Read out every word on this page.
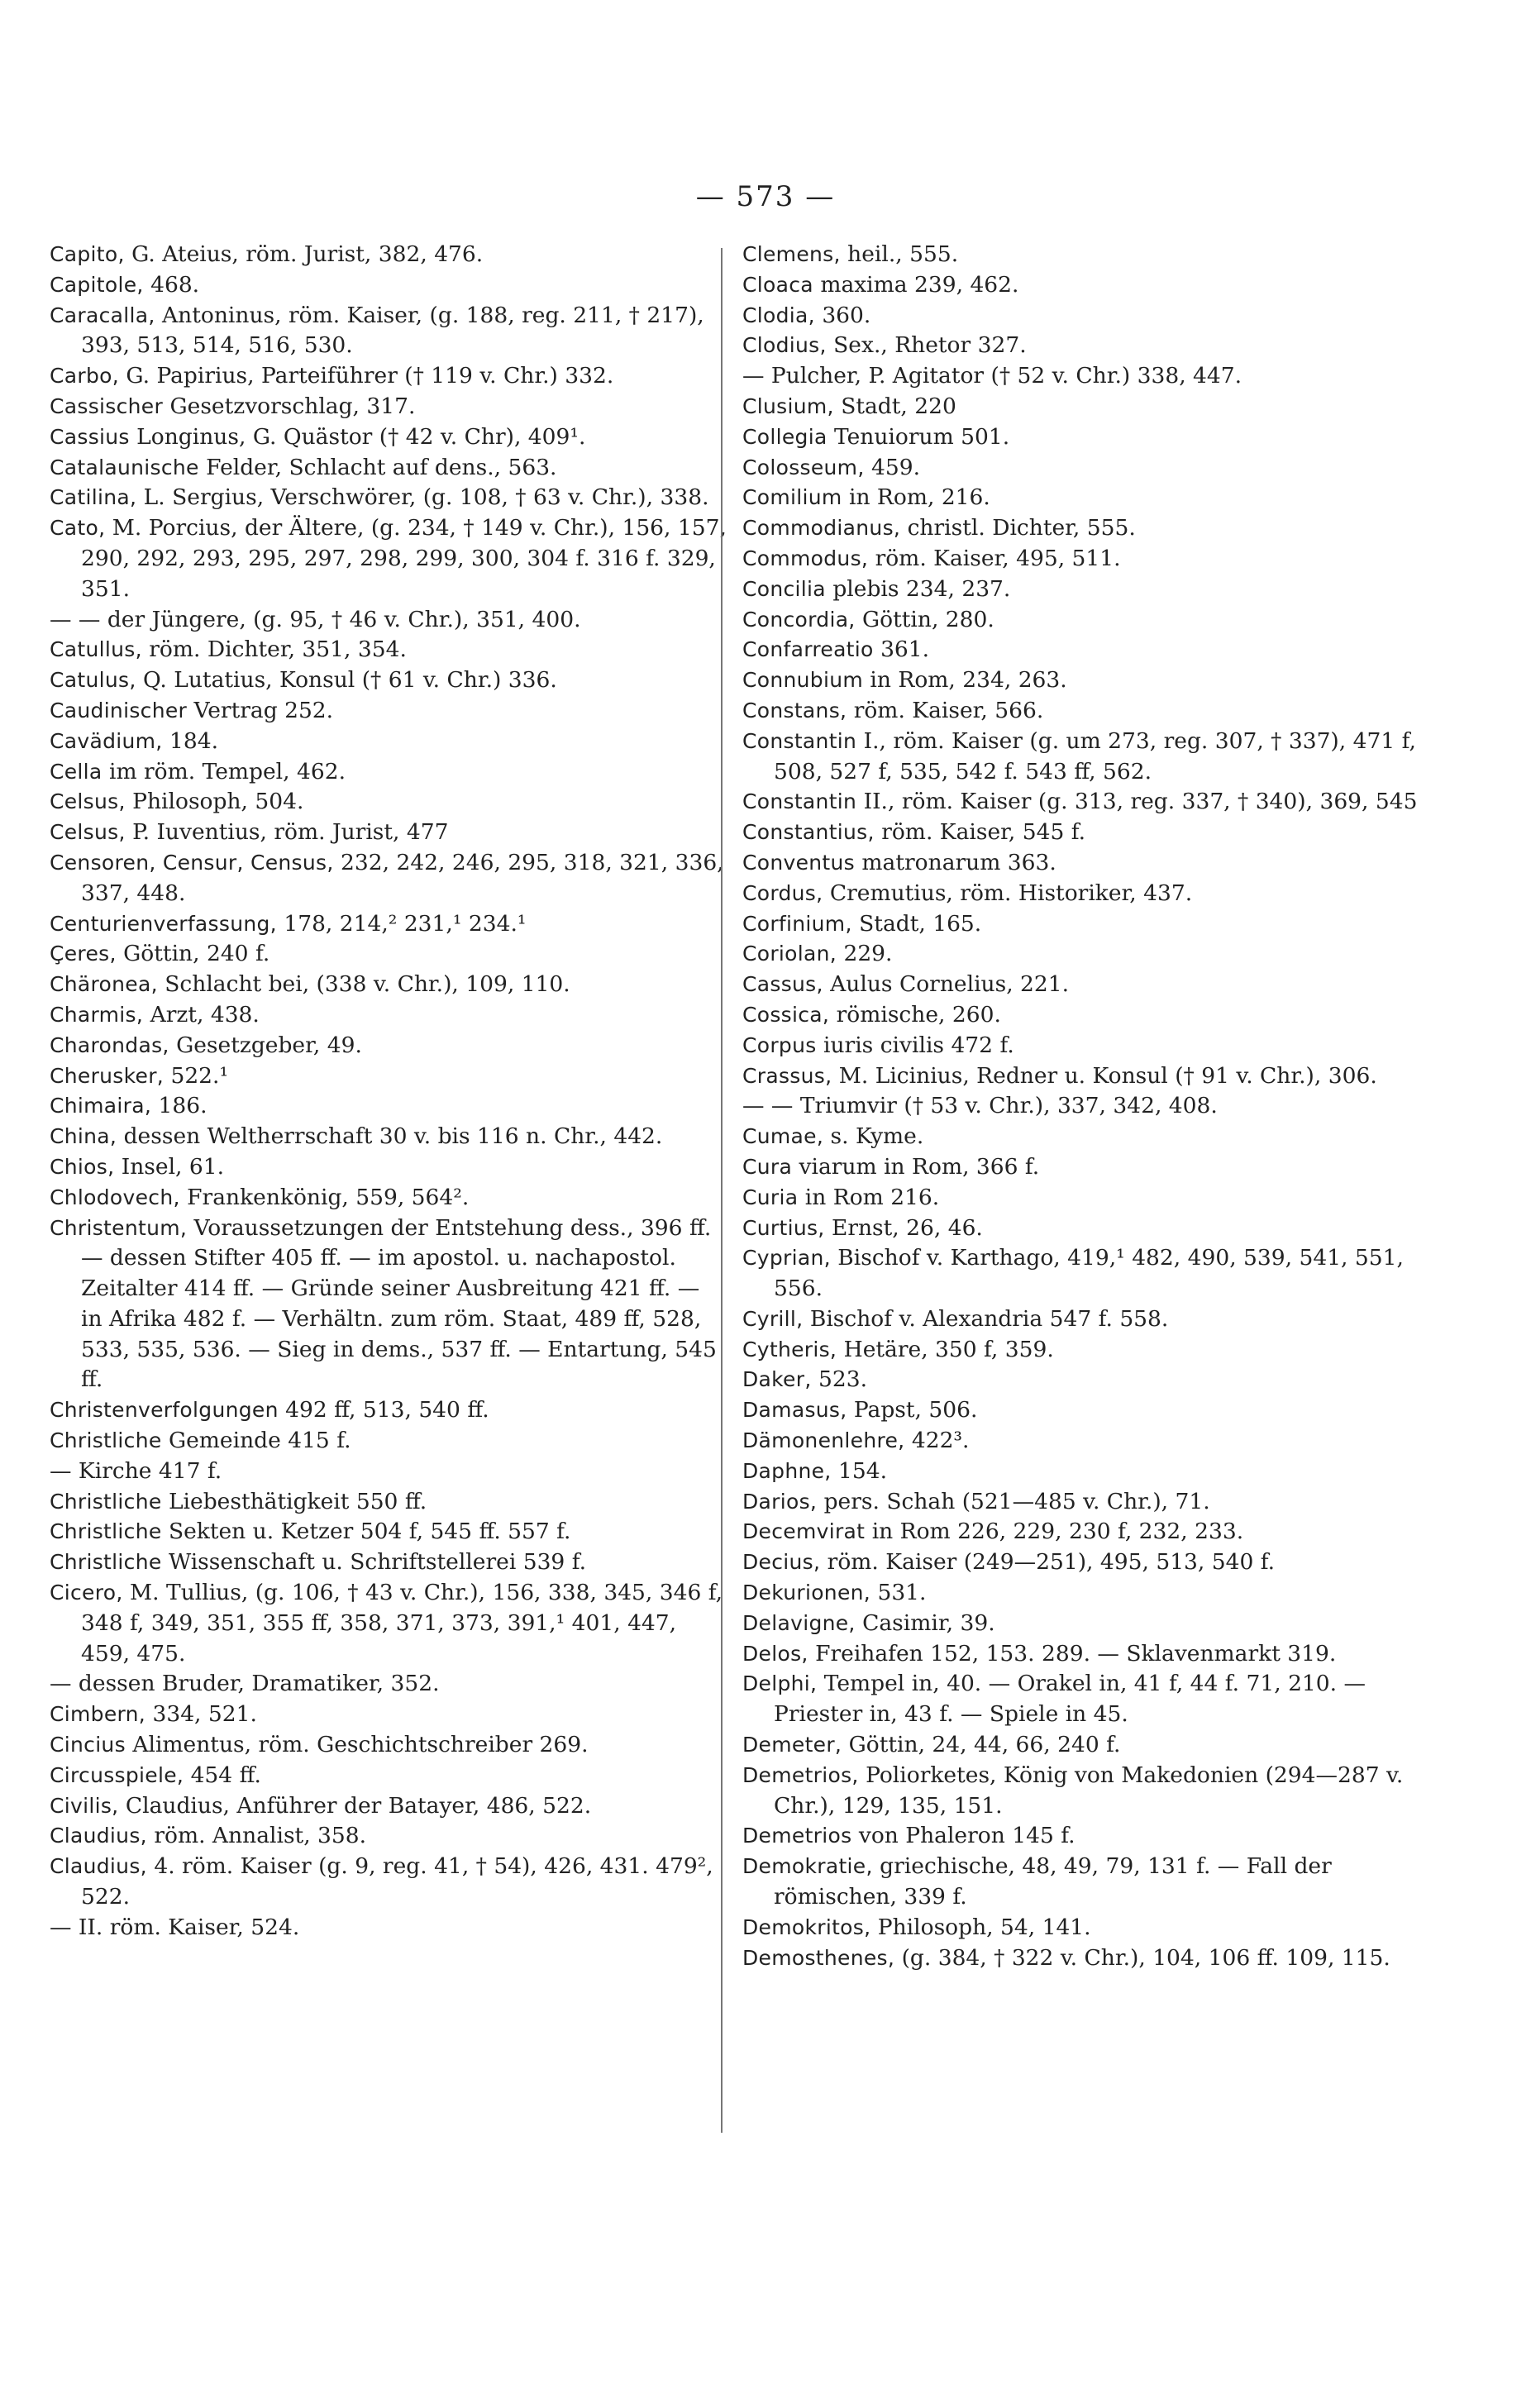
— 573 —
Capito, G. Ateius, röm. Jurist, 382, 476.
Capitole, 468.
Caracalla, Antoninus, röm. Kaiser, (g. 188, reg. 211, † 217), 393, 513, 514, 516, 530.
Carbo, G. Papirius, Parteiführer († 119 v. Chr.) 332.
Cassischer Gesetzvorschlag, 317.
Cassius Longinus, G. Quästor († 42 v. Chr), 409¹.
Catalaunische Felder, Schlacht auf dens., 563.
Catilina, L. Sergius, Verschwörer, (g. 108, † 63 v. Chr.), 338.
Cato, M. Porcius, der Ältere, (g. 234, † 149 v. Chr.), 156, 157, 290, 292, 293, 295, 297, 298, 299, 300, 304 f. 316 f. 329, 351.
— — der Jüngere, (g. 95, † 46 v. Chr.), 351, 400.
Catullus, röm. Dichter, 351, 354.
Catulus, Q. Lutatius, Konsul († 61 v. Chr.) 336.
Caudinischer Vertrag 252.
Cavädium, 184.
Cella im röm. Tempel, 462.
Celsus, Philosoph, 504.
Celsus, P. Iuventius, röm. Jurist, 477
Censoren, Censur, Census, 232, 242, 246, 295, 318, 321, 336, 337, 448.
Centurienverfassung, 178, 214,² 231,¹ 234.¹
Çeres, Göttin, 240 f.
Chäronea, Schlacht bei, (338 v. Chr.), 109, 110.
Charmis, Arzt, 438.
Charondas, Gesetzgeber, 49.
Cherusker, 522.¹
Chimaira, 186.
China, dessen Weltherrschaft 30 v. bis 116 n. Chr., 442.
Chios, Insel, 61.
Chlodovech, Frankenkönig, 559, 564².
Christentum, Voraussetzungen der Entstehung dess., 396 ff. — dessen Stifter 405 ff. — im apostol. u. nachapostol. Zeitalter 414 ff. — Gründe seiner Ausbreitung 421 ff. — in Afrika 482 f. — Verhältn. zum röm. Staat, 489 ff, 528, 533, 535, 536. — Sieg in dems., 537 ff. — Entartung, 545 ff.
Christenverfolgungen 492 ff, 513, 540 ff.
Christliche Gemeinde 415 f.
— Kirche 417 f.
Christliche Liebesthätigkeit 550 ff.
Christliche Sekten u. Ketzer 504 f, 545 ff. 557 f.
Christliche Wissenschaft u. Schriftstellerei 539 f.
Cicero, M. Tullius, (g. 106, † 43 v. Chr.), 156, 338, 345, 346 f, 348 f, 349, 351, 355 ff, 358, 371, 373, 391,¹ 401, 447, 459, 475.
— dessen Bruder, Dramatiker, 352.
Cimbern, 334, 521.
Cincius Alimentus, röm. Geschichtschreiber 269.
Circusspiele, 454 ff.
Civilis, Claudius, Anführer der Batayer, 486, 522.
Claudius, röm. Annalist, 358.
Claudius, 4. röm. Kaiser (g. 9, reg. 41, † 54), 426, 431. 479², 522.
— II. röm. Kaiser, 524.
Clemens, heil., 555.
Cloaca maxima 239, 462.
Clodia, 360.
Clodius, Sex., Rhetor 327.
— Pulcher, P. Agitator († 52 v. Chr.) 338, 447.
Clusium, Stadt, 220
Collegia Tenuiorum 501.
Colosseum, 459.
Comilium in Rom, 216.
Commodianus, christl. Dichter, 555.
Commodus, röm. Kaiser, 495, 511.
Concilia plebis 234, 237.
Concordia, Göttin, 280.
Confarreatio 361.
Connubium in Rom, 234, 263.
Constans, röm. Kaiser, 566.
Constantin I., röm. Kaiser (g. um 273, reg. 307, † 337), 471 f, 508, 527 f, 535, 542 f. 543 ff, 562.
Constantin II., röm. Kaiser (g. 313, reg. 337, † 340), 369, 545
Constantius, röm. Kaiser, 545 f.
Conventus matronarum 363.
Cordus, Cremutius, röm. Historiker, 437.
Corfinium, Stadt, 165.
Coriolan, 229.
Cassus, Aulus Cornelius, 221.
Cossica, römische, 260.
Corpus iuris civilis 472 f.
Crassus, M. Licinius, Redner u. Konsul († 91 v. Chr.), 306.
— — Triumvir († 53 v. Chr.), 337, 342, 408.
Cumae, s. Kyme.
Cura viarum in Rom, 366 f.
Curia in Rom 216.
Curtius, Ernst, 26, 46.
Cyprian, Bischof v. Karthago, 419,¹ 482, 490, 539, 541, 551, 556.
Cyrill, Bischof v. Alexandria 547 f. 558.
Cytheris, Hetäre, 350 f, 359.
Daker, 523.
Damasus, Papst, 506.
Dämonenlehre, 422³.
Daphne, 154.
Darios, pers. Schah (521—485 v. Chr.), 71.
Decemvirat in Rom 226, 229, 230 f, 232, 233.
Decius, röm. Kaiser (249—251), 495, 513, 540 f.
Dekurionen, 531.
Delavigne, Casimir, 39.
Delos, Freihafen 152, 153. 289. — Sklavenmarkt 319.
Delphi, Tempel in, 40. — Orakel in, 41 f, 44 f. 71, 210. — Priester in, 43 f. — Spiele in 45.
Demeter, Göttin, 24, 44, 66, 240 f.
Demetrios, Poliorketes, König von Makedonien (294—287 v. Chr.), 129, 135, 151.
Demetrios von Phaleron 145 f.
Demokratie, griechische, 48, 49, 79, 131 f. — Fall der römischen, 339 f.
Demokritos, Philosoph, 54, 141.
Demosthenes, (g. 384, † 322 v. Chr.), 104, 106 ff. 109, 115.
